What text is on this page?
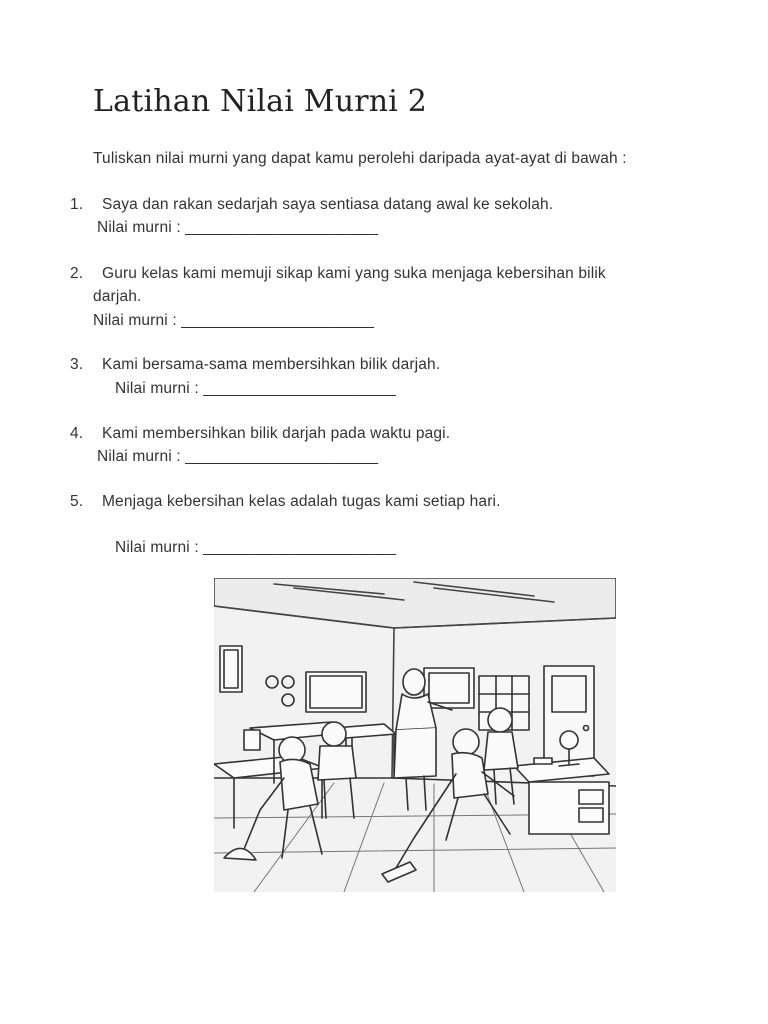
Latihan Nilai Murni 2
Tuliskan nilai murni yang dapat kamu perolehi daripada ayat-ayat di bawah :
1. Saya dan rakan sedarjah saya sentiasa datang awal ke sekolah.
Nilai murni : ______________________
2. Guru kelas kami memuji sikap kami yang suka menjaga kebersihan bilik
darjah.
Nilai murni : ______________________
3. Kami bersama-sama membersihkan bilik darjah.
Nilai murni : ______________________
4. Kami membersihkan bilik darjah pada waktu pagi.
Nilai murni : ______________________
5. Menjaga kebersihan kelas adalah tugas kami setiap hari.
Nilai murni : ______________________
